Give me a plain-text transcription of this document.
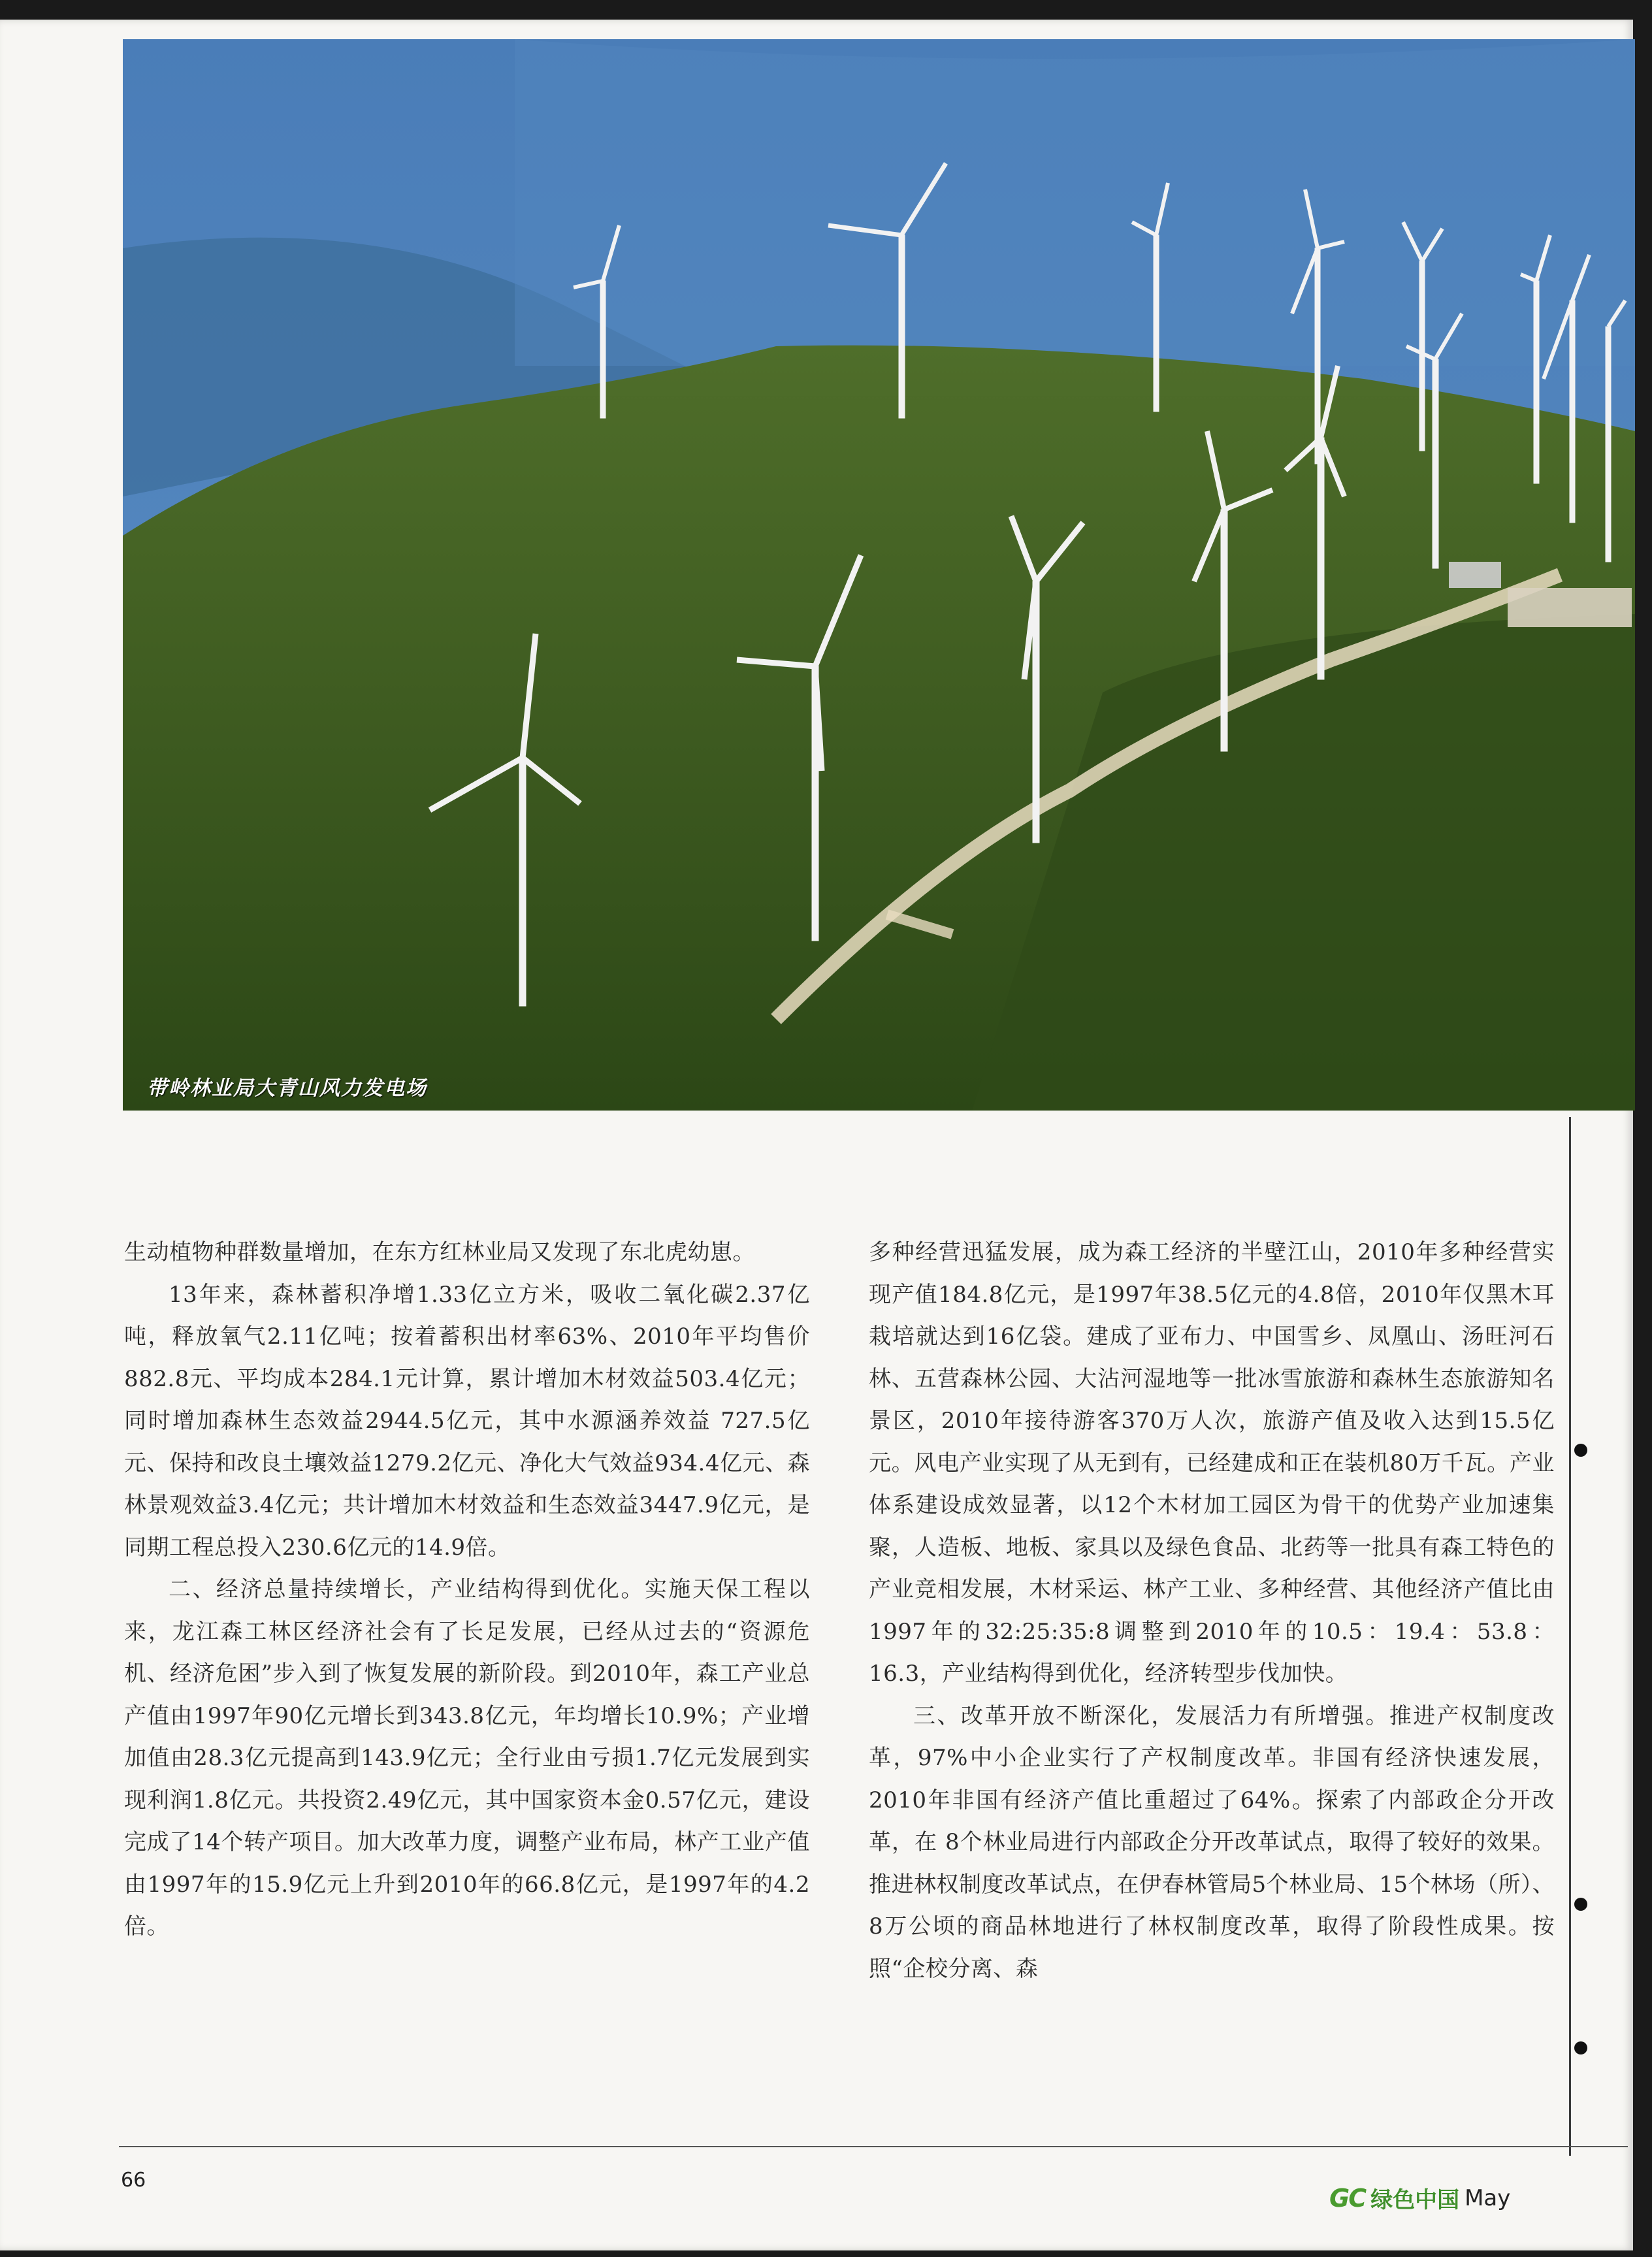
带岭林业局大青山风力发电场

生动植物种群数量增加，在东方红林业局又发现了东北虎幼崽。

13年来，森林蓄积净增1.33亿立方米，吸收二氧化碳2.37亿吨，释放氧气2.11亿吨；按着蓄积出材率63%、2010年平均售价882.8元、平均成本284.1元计算，累计增加木材效益503.4亿元；同时增加森林生态效益2944.5亿元，其中水源涵养效益 727.5亿元、保持和改良土壤效益1279.2亿元、净化大气效益934.4亿元、森林景观效益3.4亿元；共计增加木材效益和生态效益3447.9亿元，是同期工程总投入230.6亿元的14.9倍。

二、经济总量持续增长，产业结构得到优化。实施天保工程以来，龙江森工林区经济社会有了长足发展，已经从过去的“资源危机、经济危困”步入到了恢复发展的新阶段。到2010年，森工产业总产值由1997年90亿元增长到343.8亿元，年均增长10.9%；产业增加值由28.3亿元提高到143.9亿元；全行业由亏损1.7亿元发展到实现利润1.8亿元。共投资2.49亿元，其中国家资本金0.57亿元，建设完成了14个转产项目。加大改革力度，调整产业布局，林产工业产值由1997年的15.9亿元上升到2010年的66.8亿元，是1997年的4.2倍。

多种经营迅猛发展，成为森工经济的半壁江山，2010年多种经营实现产值184.8亿元，是1997年38.5亿元的4.8倍，2010年仅黑木耳栽培就达到16亿袋。建成了亚布力、中国雪乡、凤凰山、汤旺河石林、五营森林公园、大沾河湿地等一批冰雪旅游和森林生态旅游知名景区，2010年接待游客370万人次，旅游产值及收入达到15.5亿元。风电产业实现了从无到有，已经建成和正在装机80万千瓦。产业体系建设成效显著，以12个木材加工园区为骨干的优势产业加速集聚，人造板、地板、家具以及绿色食品、北药等一批具有森工特色的产业竞相发展，木材采运、林产工业、多种经营、其他经济产值比由1997年的32:25:35:8调整到2010年的10.5：19.4：53.8：16.3，产业结构得到优化，经济转型步伐加快。

三、改革开放不断深化，发展活力有所增强。推进产权制度改革，97%中小企业实行了产权制度改革。非国有经济快速发展，2010年非国有经济产值比重超过了64%。探索了内部政企分开改革，在 8个林业局进行内部政企分开改革试点，取得了较好的效果。推进林权制度改革试点，在伊春林管局5个林业局、15个林场（所）、8万公顷的商品林地进行了林权制度改革，取得了阶段性成果。按照“企校分离、森

66
GC 绿色中国 May
